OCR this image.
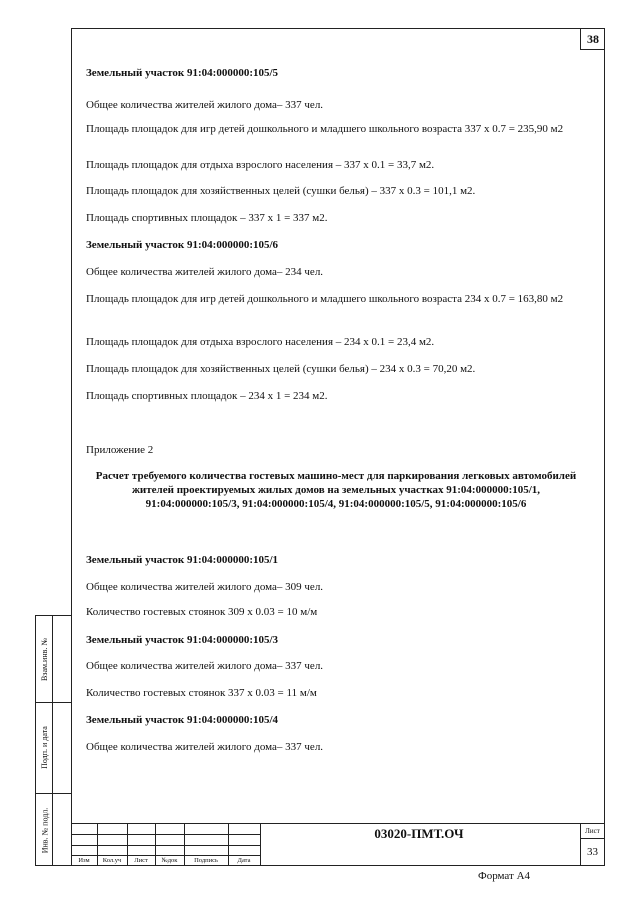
38
Земельный участок 91:04:000000:105/5
Общее количества жителей жилого дома– 337 чел.
Площадь площадок для игр детей дошкольного и младшего школьного возраста 337 х 0.7 = 235,90 м2
Площадь площадок для отдыха взрослого населения – 337 х 0.1 = 33,7 м2.
Площадь площадок для хозяйственных целей (сушки белья) – 337 х 0.3 = 101,1 м2.
Площадь спортивных площадок – 337 х 1 = 337 м2.
Земельный участок 91:04:000000:105/6
Общее количества жителей жилого дома– 234 чел.
Площадь площадок для игр детей дошкольного и младшего школьного возраста 234 х 0.7 = 163,80 м2
Площадь площадок для отдыха взрослого населения – 234 х 0.1 = 23,4 м2.
Площадь площадок для хозяйственных целей (сушки белья) – 234 х 0.3 = 70,20 м2.
Площадь спортивных площадок – 234 х 1 = 234 м2.
Приложение 2
Расчет требуемого количества гостевых машино-мест для паркирования легковых автомобилей жителей проектируемых жилых домов на земельных участках 91:04:000000:105/1, 91:04:000000:105/3, 91:04:000000:105/4, 91:04:000000:105/5, 91:04:000000:105/6
Земельный участок 91:04:000000:105/1
Общее количества жителей жилого дома– 309 чел.
Количество гостевых стоянок 309 х 0.03 = 10 м/м
Земельный участок 91:04:000000:105/3
Общее количества жителей жилого дома– 337 чел.
Количество гостевых стоянок 337 х 0.03 = 11 м/м
Земельный участок 91:04:000000:105/4
Общее количества жителей жилого дома– 337 чел.
Взам.инв. №
Подп. и дата
Инв. № подл.
Изм	Кол.уч	Лист	№док	Подпись	Дата
03020-ПМТ.ОЧ	Лист
33
Формат А4
